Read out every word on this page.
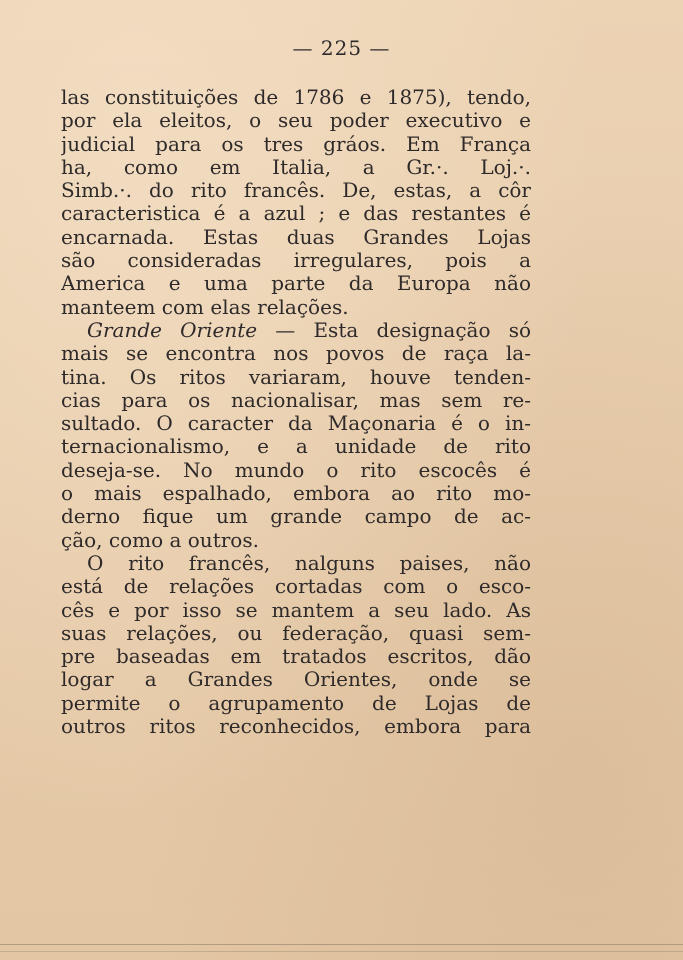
— 225 —
las constituições de 1786 e 1875), tendo,
por ela eleitos, o seu poder executivo e
judicial para os tres gráos. Em França
ha, como em Italia, a Gr.·. Loj.·.
Simb.·. do rito francês. De, estas, a côr
caracteristica é a azul ; e das restantes é
encarnada. Estas duas Grandes Lojas
são consideradas irregulares, pois a
America e uma parte da Europa não
manteem com elas relações.
Grande Oriente — Esta designação só
mais se encontra nos povos de raça la-
tina. Os ritos variaram, houve tenden-
cias para os nacionalisar, mas sem re-
sultado. O caracter da Maçonaria é o in-
ternacionalismo, e a unidade de rito
deseja-se. No mundo o rito escocês é
o mais espalhado, embora ao rito mo-
derno fique um grande campo de ac-
ção, como a outros.
O rito francês, nalguns paises, não
está de relações cortadas com o esco-
cês e por isso se mantem a seu lado. As
suas relações, ou federação, quasi sem-
pre baseadas em tratados escritos, dão
logar a Grandes Orientes, onde se
permite o agrupamento de Lojas de
outros ritos reconhecidos, embora para
